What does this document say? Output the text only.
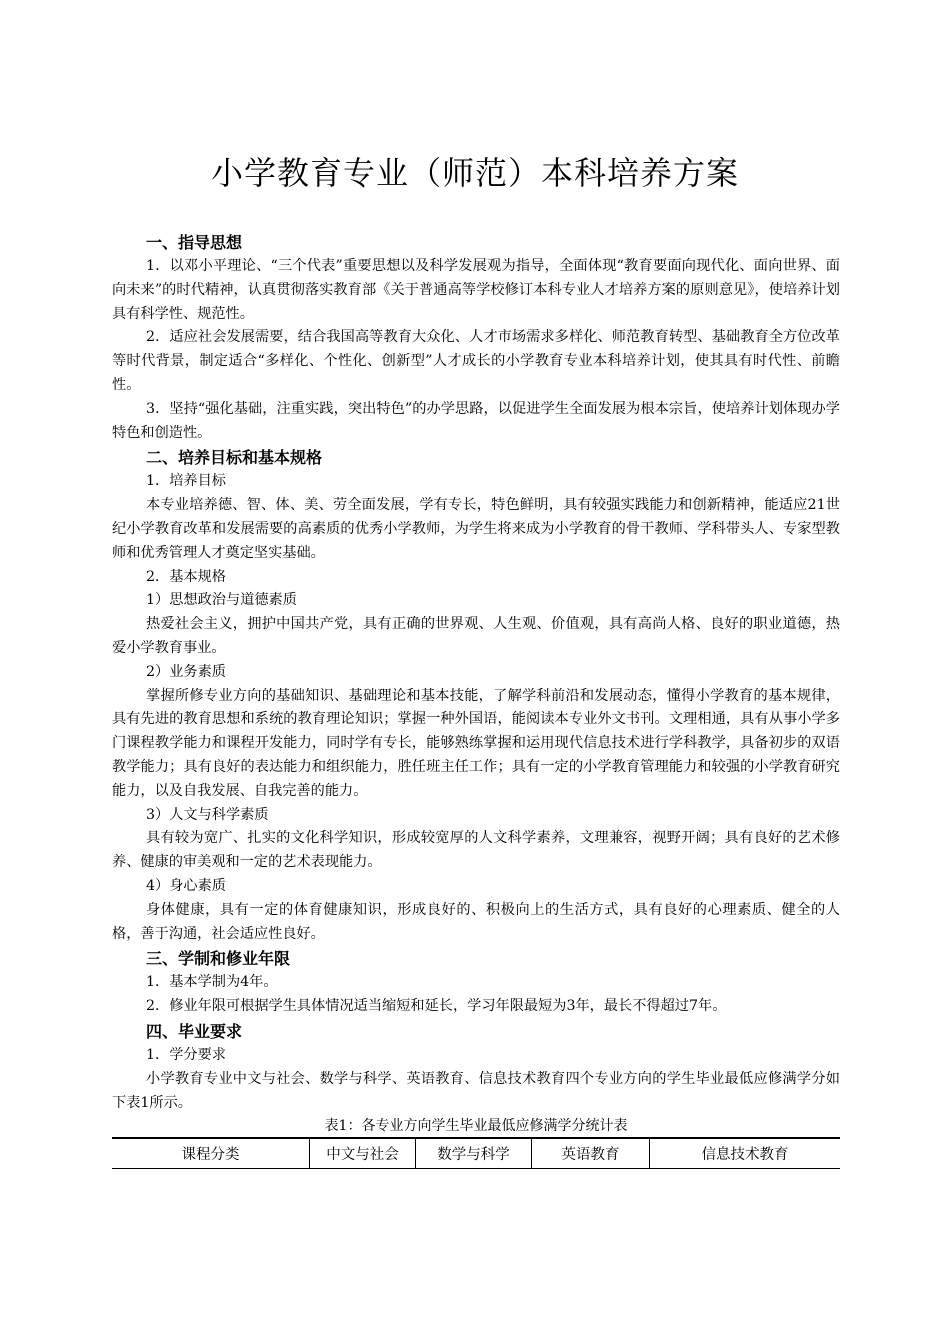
小学教育专业（师范）本科培养方案
一、指导思想

1．以邓小平理论、“三个代表”重要思想以及科学发展观为指导，全面体现“教育要面向现代化、面向世界、面向未来”的时代精神，认真贯彻落实教育部《关于普通高等学校修订本科专业人才培养方案的原则意见》，使培养计划具有科学性、规范性。

2．适应社会发展需要，结合我国高等教育大众化、人才市场需求多样化、师范教育转型、基础教育全方位改革等时代背景，制定适合“多样化、个性化、创新型”人才成长的小学教育专业本科培养计划，使其具有时代性、前瞻性。

3．坚持“强化基础，注重实践，突出特色”的办学思路，以促进学生全面发展为根本宗旨，使培养计划体现办学特色和创造性。

二、培养目标和基本规格

1．培养目标

本专业培养德、智、体、美、劳全面发展，学有专长，特色鲜明，具有较强实践能力和创新精神，能适应21世纪小学教育改革和发展需要的高素质的优秀小学教师，为学生将来成为小学教育的骨干教师、学科带头人、专家型教师和优秀管理人才奠定坚实基础。

2．基本规格

1）思想政治与道德素质

热爱社会主义，拥护中国共产党，具有正确的世界观、人生观、价值观，具有高尚人格、良好的职业道德，热爱小学教育事业。

2）业务素质

掌握所修专业方向的基础知识、基础理论和基本技能，了解学科前沿和发展动态，懂得小学教育的基本规律，具有先进的教育思想和系统的教育理论知识；掌握一种外国语，能阅读本专业外文书刊。文理相通，具有从事小学多门课程教学能力和课程开发能力，同时学有专长，能够熟练掌握和运用现代信息技术进行学科教学，具备初步的双语教学能力；具有良好的表达能力和组织能力，胜任班主任工作；具有一定的小学教育管理能力和较强的小学教育研究能力，以及自我发展、自我完善的能力。

3）人文与科学素质

具有较为宽广、扎实的文化科学知识，形成较宽厚的人文科学素养，文理兼容，视野开阔；具有良好的艺术修养、健康的审美观和一定的艺术表现能力。

4）身心素质

身体健康，具有一定的体育健康知识，形成良好的、积极向上的生活方式，具有良好的心理素质、健全的人格，善于沟通，社会适应性良好。

三、学制和修业年限

1．基本学制为4年。

2．修业年限可根据学生具体情况适当缩短和延长，学习年限最短为3年，最长不得超过7年。

四、毕业要求

1．学分要求

小学教育专业中文与社会、数学与科学、英语教育、信息技术教育四个专业方向的学生毕业最低应修满学分如下表1所示。

表1：各专业方向学生毕业最低应修满学分统计表

课程分类	中文与社会	数学与科学	英语教育	信息技术教育
